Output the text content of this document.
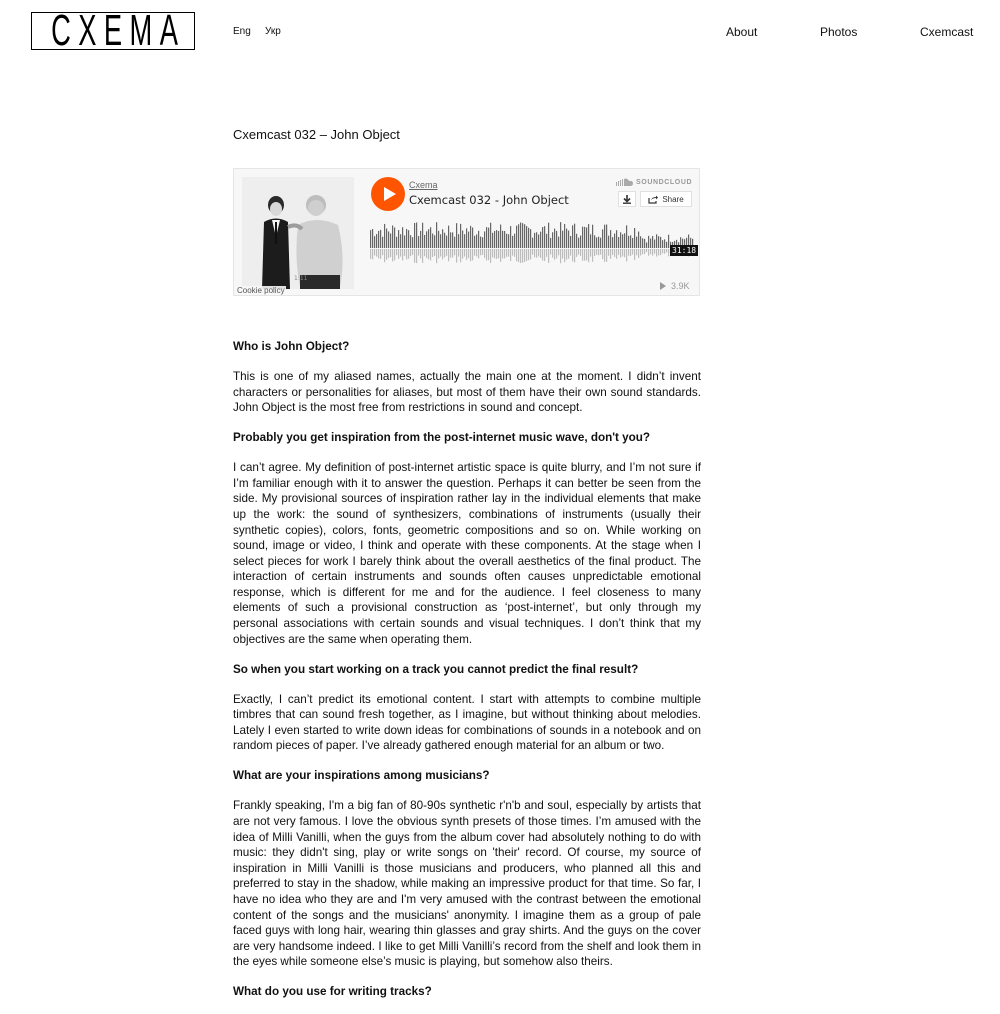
CXEMA	Eng Укр	About	Photos	Cxemcast
Cxemcast 032 – John Object
1:11
Cookie policy
Cxema
Cxemcast 032 - John Object
SOUNDCLOUD
Share
31:18
3.9K

Who is John Object?

This is one of my aliased names, actually the main one at the moment. I didn’t invent characters or personalities for aliases, but most of them have their own sound standards. John Object is the most free from restrictions in sound and concept.

Probably you get inspiration from the post-internet music wave, don't you?

I can’t agree. My definition of post-internet artistic space is quite blurry, and I’m not sure if I’m familiar enough with it to answer the question. Perhaps it can better be seen from the side. My provisional sources of inspiration rather lay in the individual elements that make up the work: the sound of synthesizers, combinations of instruments (usually their synthetic copies), colors, fonts, geometric compositions and so on. While working on sound, image or video, I think and operate with these components. At the stage when I select pieces for work I barely think about the overall aesthetics of the final product. The interaction of certain instruments and sounds often causes unpredictable emotional response, which is different for me and for the audience. I feel closeness to many elements of such a provisional construction as ‘post-internet’, but only through my personal associations with certain sounds and visual techniques. I don’t think that my objectives are the same when operating them.

So when you start working on a track you cannot predict the final result?

Exactly, I can’t predict its emotional content. I start with attempts to combine multiple timbres that can sound fresh together, as I imagine, but without thinking about melodies. Lately I even started to write down ideas for combinations of sounds in a notebook and on random pieces of paper. I’ve already gathered enough material for an album or two.

What are your inspirations among musicians?

Frankly speaking, I'm a big fan of 80-90s synthetic r'n'b and soul, especially by artists that are not very famous. I love the obvious synth presets of those times. I’m amused with the idea of Milli Vanilli, when the guys from the album cover had absolutely nothing to do with music: they didn't sing, play or write songs on 'their' record. Of course, my source of inspiration in Milli Vanilli is those musicians and producers, who planned all this and preferred to stay in the shadow, while making an impressive product for that time. So far, I have no idea who they are and I'm very amused with the contrast between the emotional content of the songs and the musicians' anonymity. I imagine them as a group of pale faced guys with long hair, wearing thin glasses and gray shirts. And the guys on the cover are very handsome indeed. I like to get Milli Vanilli’s record from the shelf and look them in the eyes while someone else’s music is playing, but somehow also theirs.

What do you use for writing tracks?
